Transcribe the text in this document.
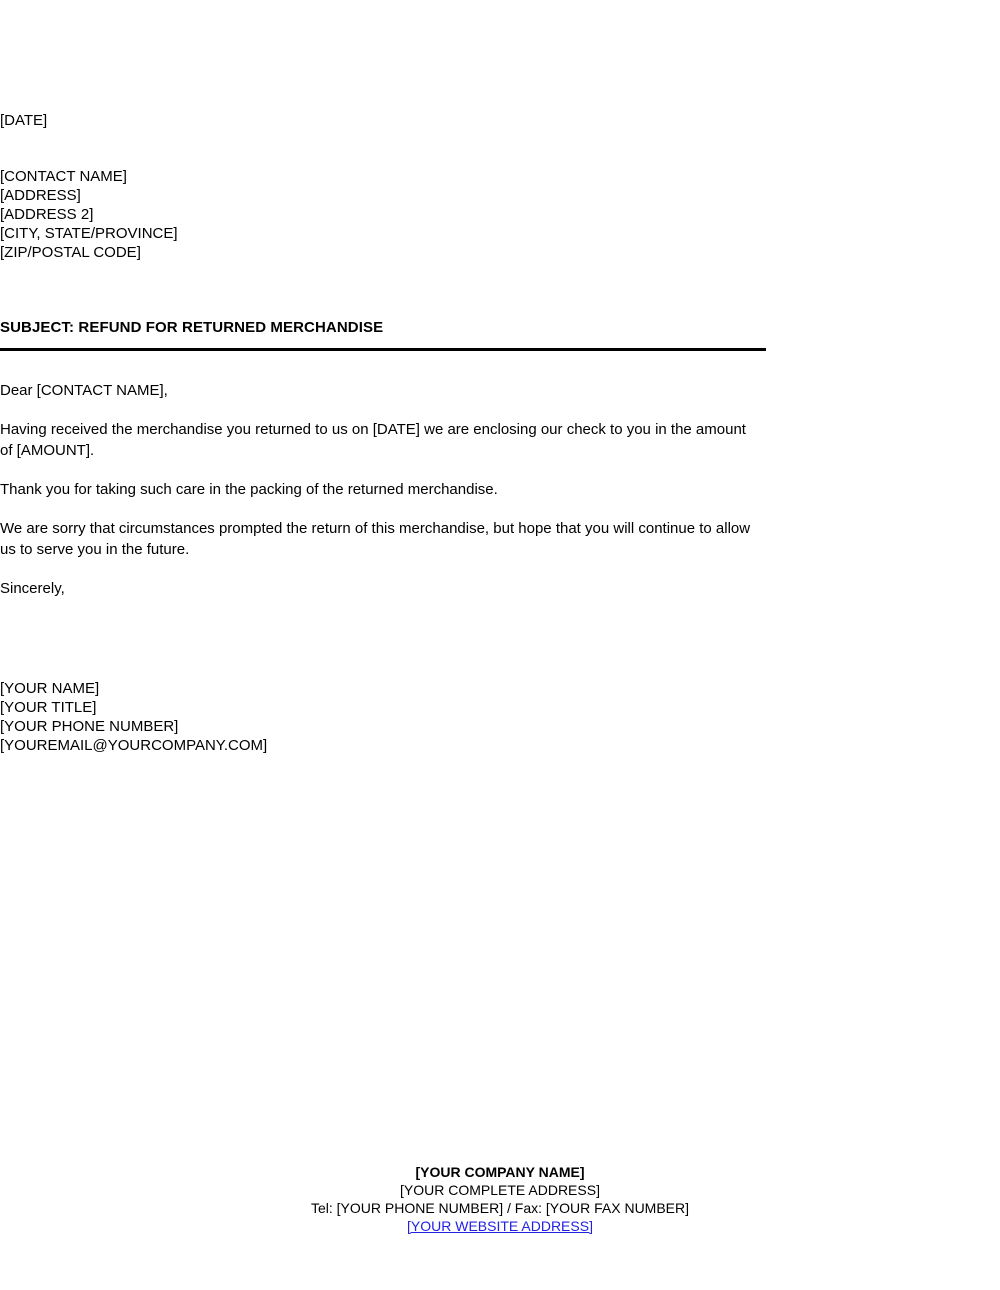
[DATE]
[CONTACT NAME]
[ADDRESS]
[ADDRESS 2]
[CITY, STATE/PROVINCE]
[ZIP/POSTAL CODE]
SUBJECT: REFUND FOR RETURNED MERCHANDISE

Dear [CONTACT NAME],

Having received the merchandise you returned to us on [DATE] we are enclosing our check to you in the amount of [AMOUNT].

Thank you for taking such care in the packing of the returned merchandise.

We are sorry that circumstances prompted the return of this merchandise, but hope that you will continue to allow us to serve you in the future.

Sincerely,

[YOUR NAME]
[YOUR TITLE]
[YOUR PHONE NUMBER]
[YOUREMAIL@YOURCOMPANY.COM]
[YOUR COMPANY NAME]
[YOUR COMPLETE ADDRESS]
Tel: [YOUR PHONE NUMBER] / Fax: [YOUR FAX NUMBER]
[YOUR WEBSITE ADDRESS]
